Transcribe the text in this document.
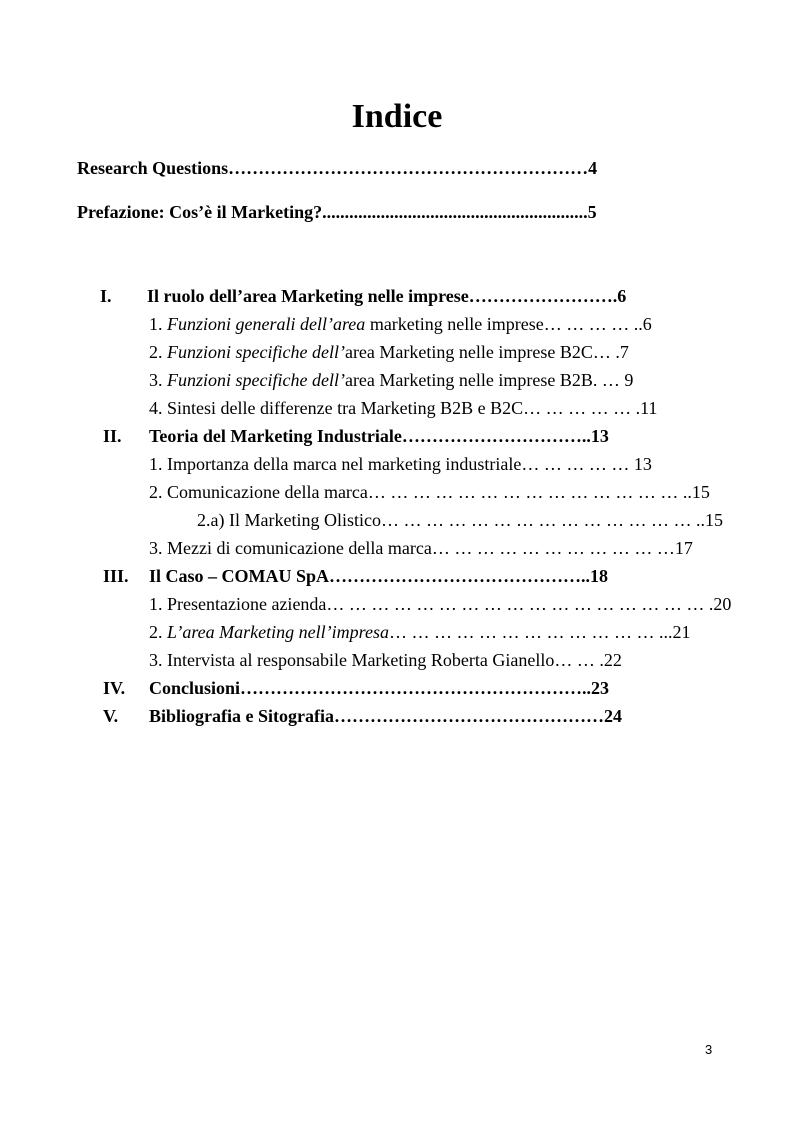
Indice
Research Questions……………………………………………………4
Prefazione: Cos’è il Marketing?...........................................................5
I. Il ruolo dell’area Marketing nelle imprese…………………….6
1. Funzioni generali dell’area marketing nelle imprese… … … … ..6
2. Funzioni specifiche dell’area Marketing nelle imprese B2C… .7
3. Funzioni specifiche dell’area Marketing nelle imprese B2B. … 9
4. Sintesi delle differenze tra Marketing B2B e B2C… … … … … .11
II. Teoria del Marketing Industriale…………………………..13
1. Importanza della marca nel marketing industriale… … … … … 13
2. Comunicazione della marca… … … … … … … … … … … … … … ..15
2.a) Il Marketing Olistico… … … … … … … … … … … … … … ..15
3. Mezzi di comunicazione della marca… … … … … … … … … … …17
III. Il Caso – COMAU SpA……………………………………..18
1. Presentazione azienda… … … … … … … … … … … … … … … … … .20
2. L’area Marketing nell’impresa… … … … … … … … … … … … ...21
3. Intervista al responsabile Marketing Roberta Gianello… … .22
IV. Conclusioni…………………………………………………..23
V. Bibliografia e Sitografia………………………………………24
3
